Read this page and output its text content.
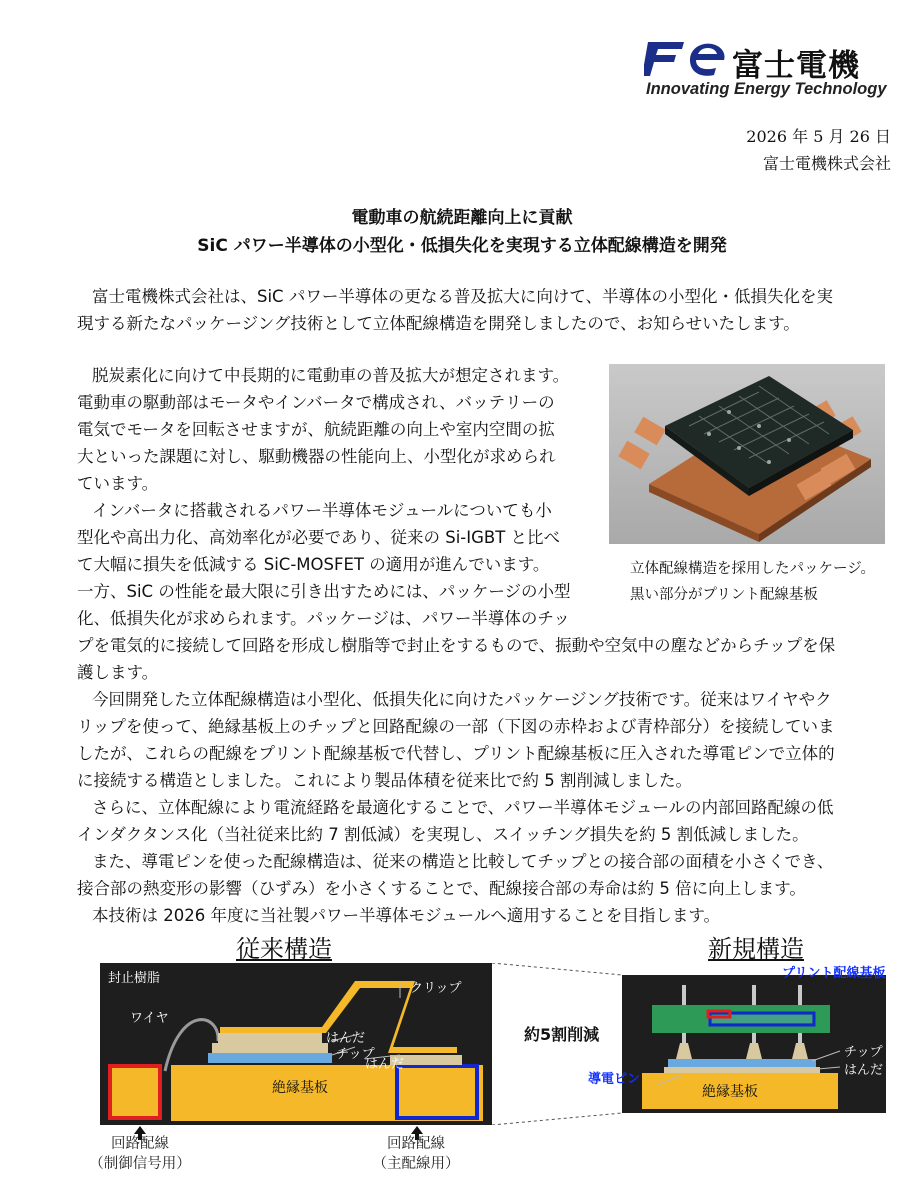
富士電機
Innovating Energy Technology
2026 年 5 月 26 日
富士電機株式会社
電動車の航続距離向上に貢献
SiC パワー半導体の小型化・低損失化を実現する立体配線構造を開発
富士電機株式会社は、SiC パワー半導体の更なる普及拡大に向けて、半導体の小型化・低損失化を実
現する新たなパッケージング技術として立体配線構造を開発しましたので、お知らせいたします。
脱炭素化に向けて中長期的に電動車の普及拡大が想定されます。
電動車の駆動部はモータやインバータで構成され、バッテリーの
電気でモータを回転させますが、航続距離の向上や室内空間の拡
大といった課題に対し、駆動機器の性能向上、小型化が求められ
ています。
インバータに搭載されるパワー半導体モジュールについても小
型化や高出力化、高効率化が必要であり、従来の Si-IGBT と比べ
て大幅に損失を低減する SiC-MOSFET の適用が進んでいます。
一方、SiC の性能を最大限に引き出すためには、パッケージの小型
化、低損失化が求められます。パッケージは、パワー半導体のチッ
立体配線構造を採用したパッケージ。
黒い部分がプリント配線基板
プを電気的に接続して回路を形成し樹脂等で封止をするもので、振動や空気中の塵などからチップを保
護します。
今回開発した立体配線構造は小型化、低損失化に向けたパッケージング技術です。従来はワイヤやク
リップを使って、絶縁基板上のチップと回路配線の一部（下図の赤枠および青枠部分）を接続していま
したが、これらの配線をプリント配線基板で代替し、プリント配線基板に圧入された導電ピンで立体的
に接続する構造としました。これにより製品体積を従来比で約 5 割削減しました。
さらに、立体配線により電流経路を最適化することで、パワー半導体モジュールの内部回路配線の低
インダクタンス化（当社従来比約 7 割低減）を実現し、スイッチング損失を約 5 割低減しました。
また、導電ピンを使った配線構造は、従来の構造と比較してチップとの接合部の面積を小さくでき、
接合部の熱変形の影響（ひずみ）を小さくすることで、配線接合部の寿命は約 5 倍に向上します。
本技術は 2026 年度に当社製パワー半導体モジュールへ適用することを目指します。
従来構造	新規構造
封止樹脂
ワイヤ
クリップ
はんだ
チップ
はんだ
絶縁基板
約5割削減
絶縁基板
チップ
はんだ
プリント配線基板
導電ピン
回路配線
（制御信号用）
回路配線
（主配線用）
